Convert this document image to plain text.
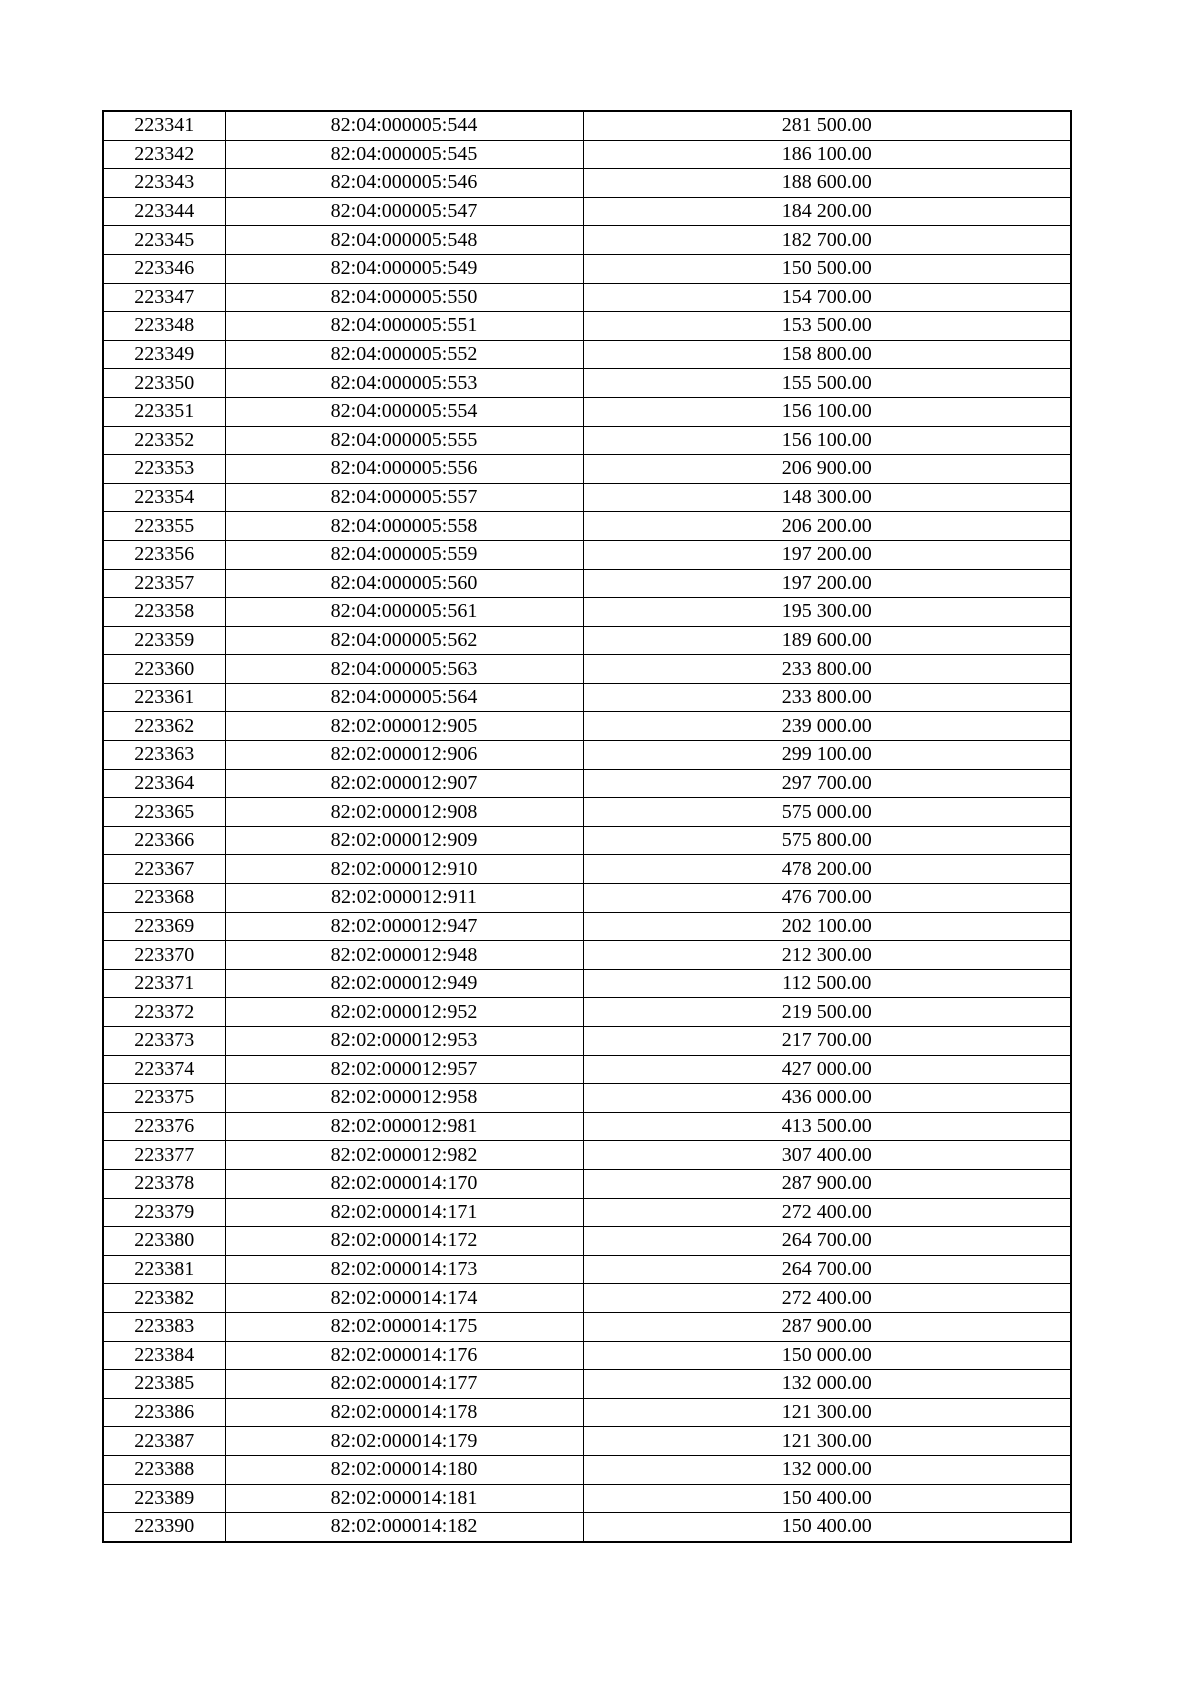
223341	82:04:000005:544	281 500.00
223342	82:04:000005:545	186 100.00
223343	82:04:000005:546	188 600.00
223344	82:04:000005:547	184 200.00
223345	82:04:000005:548	182 700.00
223346	82:04:000005:549	150 500.00
223347	82:04:000005:550	154 700.00
223348	82:04:000005:551	153 500.00
223349	82:04:000005:552	158 800.00
223350	82:04:000005:553	155 500.00
223351	82:04:000005:554	156 100.00
223352	82:04:000005:555	156 100.00
223353	82:04:000005:556	206 900.00
223354	82:04:000005:557	148 300.00
223355	82:04:000005:558	206 200.00
223356	82:04:000005:559	197 200.00
223357	82:04:000005:560	197 200.00
223358	82:04:000005:561	195 300.00
223359	82:04:000005:562	189 600.00
223360	82:04:000005:563	233 800.00
223361	82:04:000005:564	233 800.00
223362	82:02:000012:905	239 000.00
223363	82:02:000012:906	299 100.00
223364	82:02:000012:907	297 700.00
223365	82:02:000012:908	575 000.00
223366	82:02:000012:909	575 800.00
223367	82:02:000012:910	478 200.00
223368	82:02:000012:911	476 700.00
223369	82:02:000012:947	202 100.00
223370	82:02:000012:948	212 300.00
223371	82:02:000012:949	112 500.00
223372	82:02:000012:952	219 500.00
223373	82:02:000012:953	217 700.00
223374	82:02:000012:957	427 000.00
223375	82:02:000012:958	436 000.00
223376	82:02:000012:981	413 500.00
223377	82:02:000012:982	307 400.00
223378	82:02:000014:170	287 900.00
223379	82:02:000014:171	272 400.00
223380	82:02:000014:172	264 700.00
223381	82:02:000014:173	264 700.00
223382	82:02:000014:174	272 400.00
223383	82:02:000014:175	287 900.00
223384	82:02:000014:176	150 000.00
223385	82:02:000014:177	132 000.00
223386	82:02:000014:178	121 300.00
223387	82:02:000014:179	121 300.00
223388	82:02:000014:180	132 000.00
223389	82:02:000014:181	150 400.00
223390	82:02:000014:182	150 400.00
